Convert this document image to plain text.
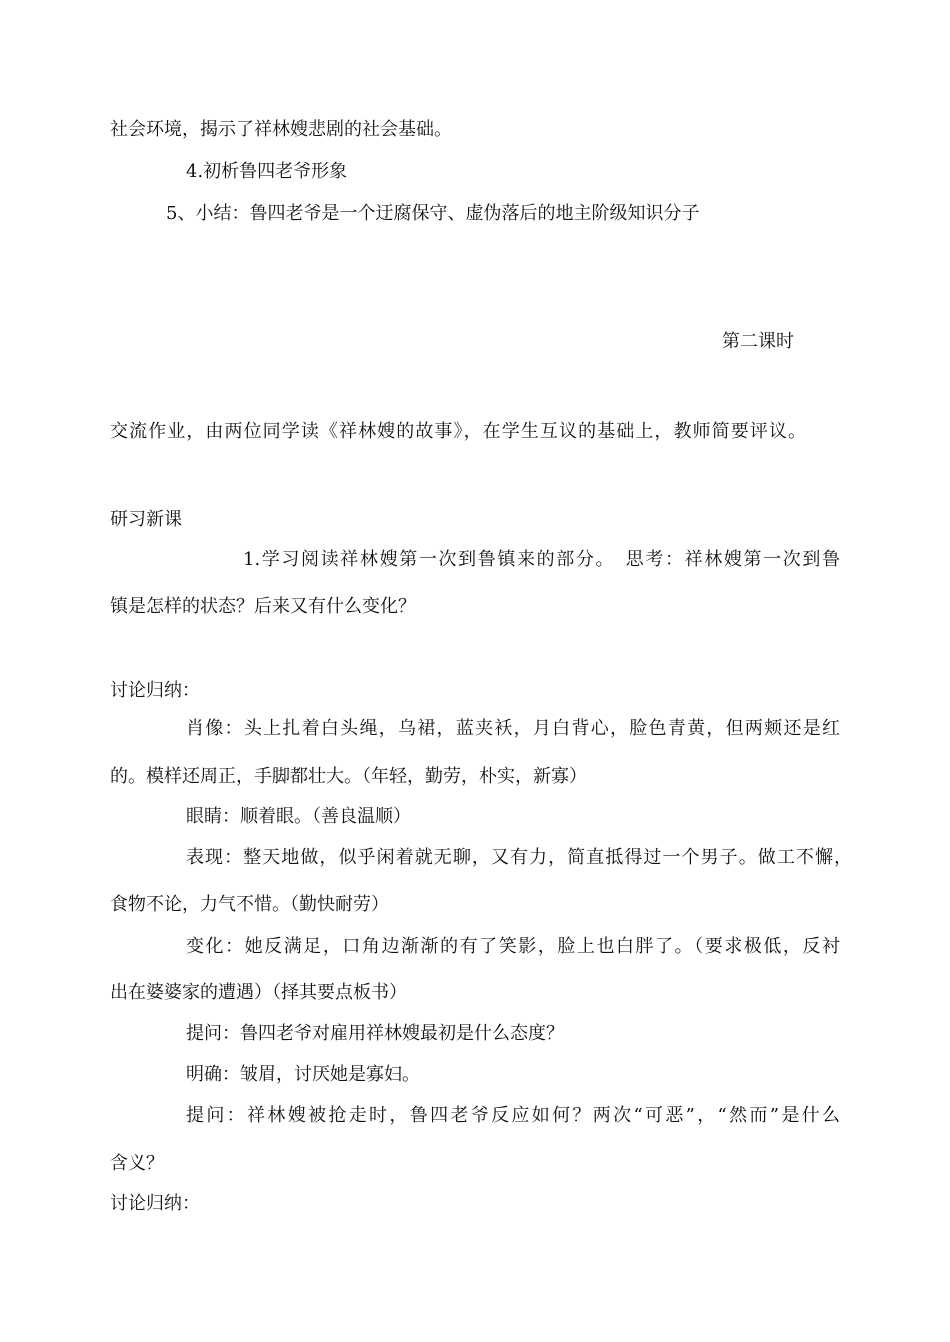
社会环境，揭示了祥林嫂悲剧的社会基础。
4.初析鲁四老爷形象
5、小结：鲁四老爷是一个迂腐保守、虚伪落后的地主阶级知识分子
第二课时
交流作业，由两位同学读《祥林嫂的故事》，在学生互议的基础上，教师简要评议。
研习新课
1.学习阅读祥林嫂第一次到鲁镇来的部分。　思考：祥林嫂第一次到鲁
镇是怎样的状态？后来又有什么变化？
讨论归纳：
肖像：头上扎着白头绳，乌裙，蓝夹袄，月白背心，脸色青黄，但两颊还是红
的。模样还周正，手脚都壮大。（年轻，勤劳，朴实，新寡）
眼睛：顺着眼。（善良温顺）
表现：整天地做，似乎闲着就无聊，又有力，简直抵得过一个男子。做工不懈，
食物不论，力气不惜。（勤快耐劳）
变化：她反满足，口角边渐渐的有了笑影，脸上也白胖了。（要求极低，反衬
出在婆婆家的遭遇）（择其要点板书）
提问：鲁四老爷对雇用祥林嫂最初是什么态度？
明确：皱眉，讨厌她是寡妇。
提问：祥林嫂被抢走时，鲁四老爷反应如何？两次“可恶”，“然而”是什么
含义？
讨论归纳：
